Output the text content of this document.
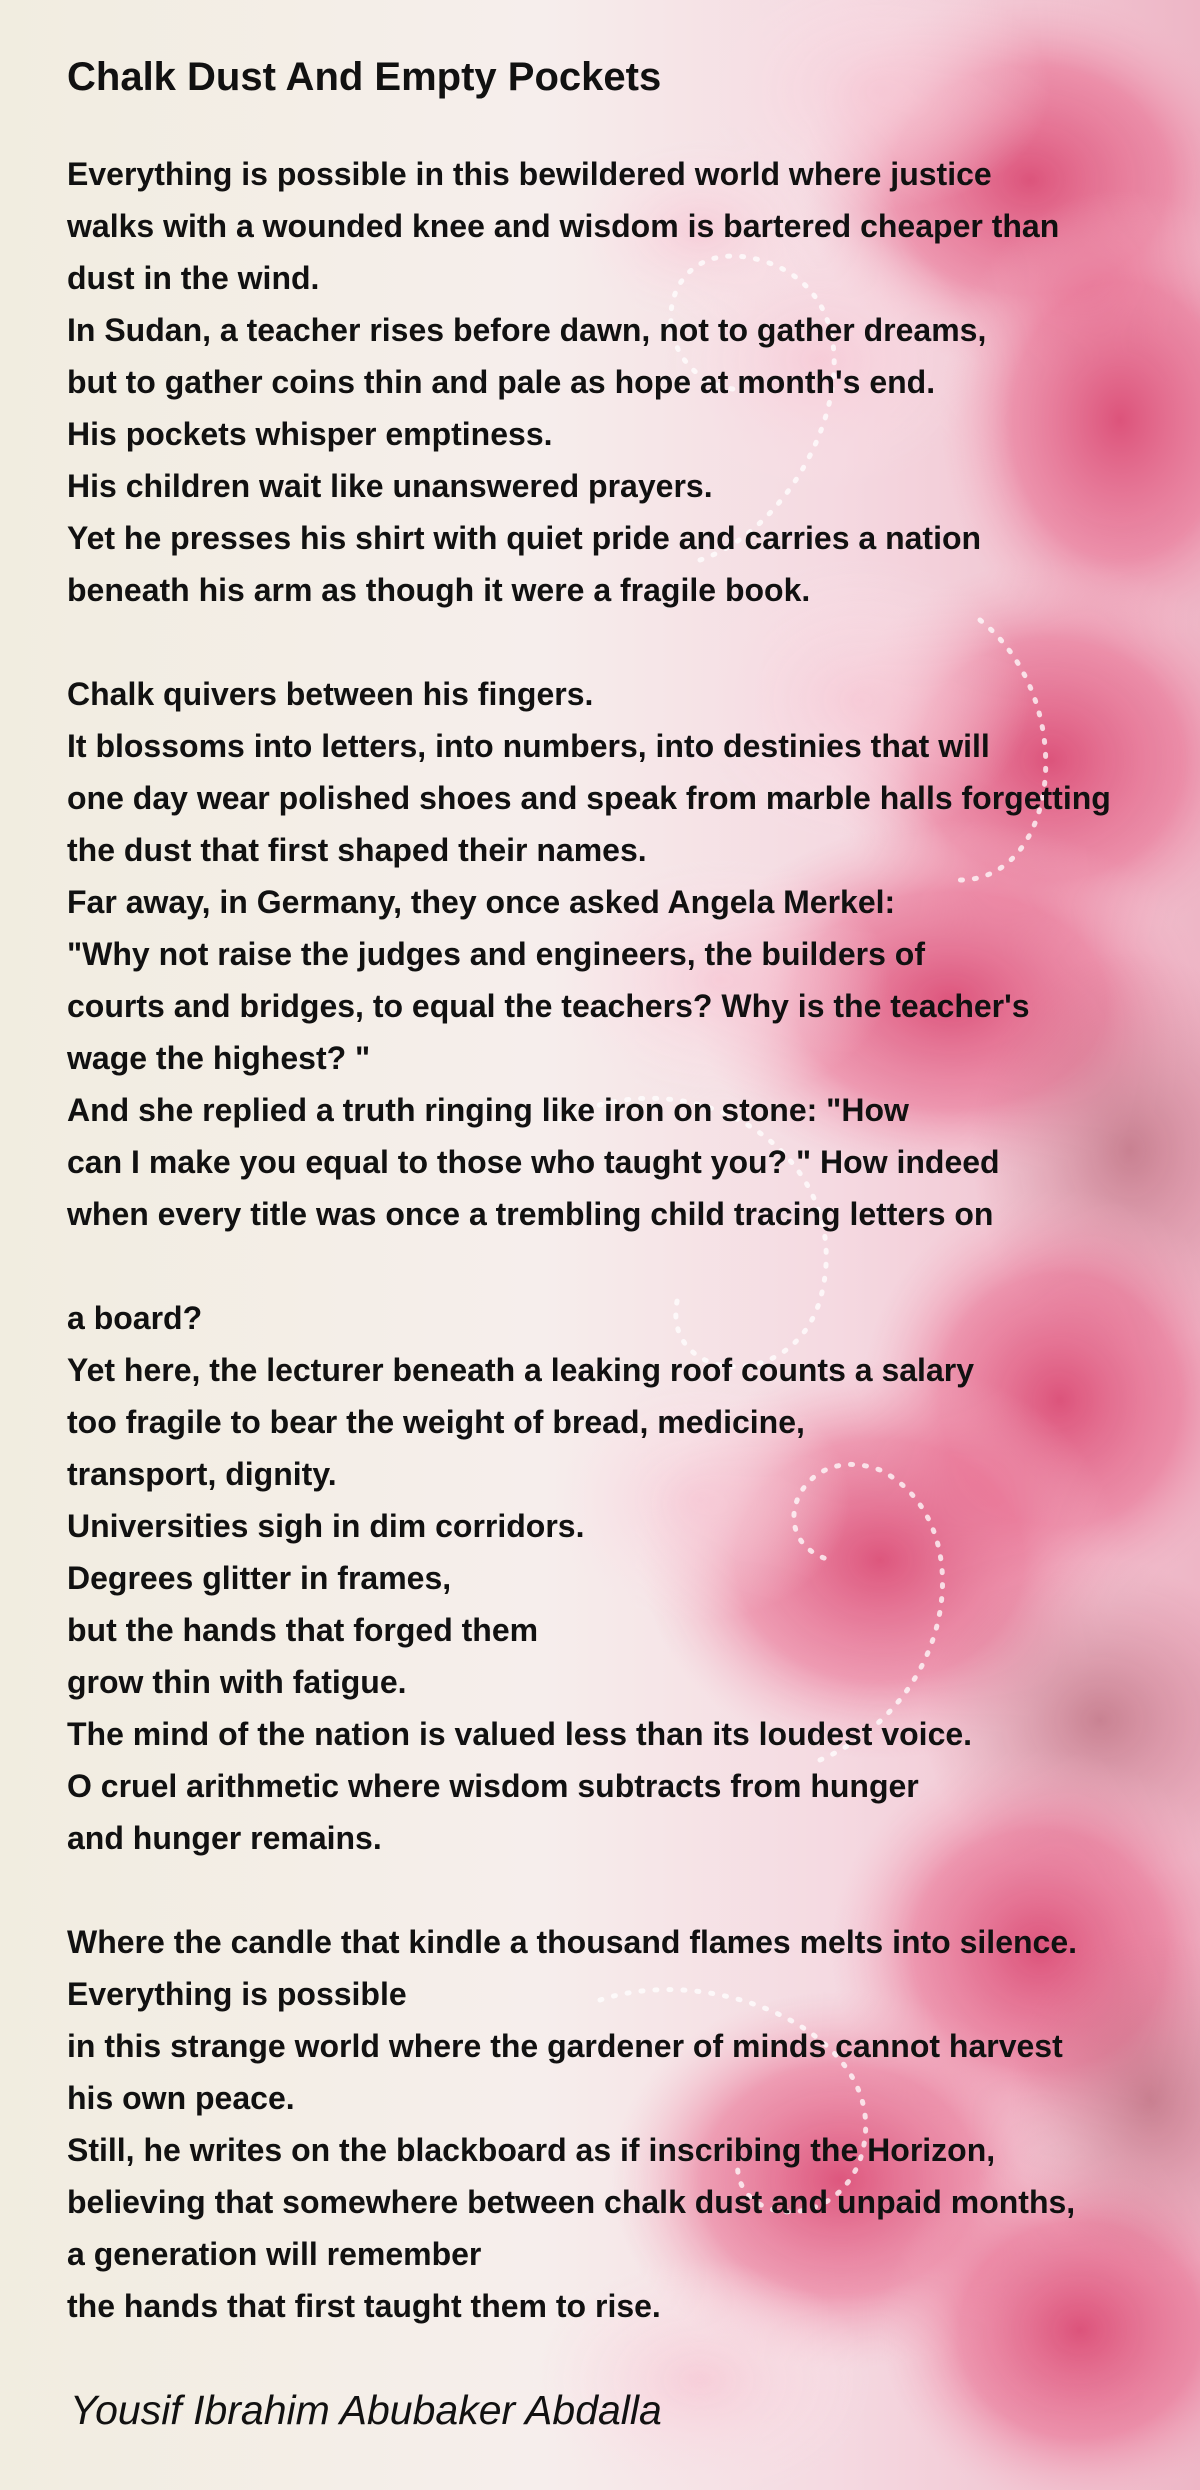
Chalk Dust And Empty Pockets
Everything is possible in this bewildered world where justice
walks with a wounded knee and wisdom is bartered cheaper than
dust in the wind.
In Sudan, a teacher rises before dawn, not to gather dreams,
but to gather coins thin and pale as hope at month's end.
His pockets whisper emptiness.
His children wait like unanswered prayers.
Yet he presses his shirt with quiet pride and carries a nation
beneath his arm as though it were a fragile book.
Chalk quivers between his fingers.
It blossoms into letters, into numbers, into destinies that will
one day wear polished shoes and speak from marble halls forgetting
the dust that first shaped their names.
Far away, in Germany, they once asked Angela Merkel:
"Why not raise the judges and engineers, the builders of
courts and bridges, to equal the teachers? Why is the teacher's
wage the highest? "
And she replied a truth ringing like iron on stone: "How
can I make you equal to those who taught you? " How indeed
when every title was once a trembling child tracing letters on
a board?
Yet here, the lecturer beneath a leaking roof counts a salary
too fragile to bear the weight of bread, medicine,
transport, dignity.
Universities sigh in dim corridors.
Degrees glitter in frames,
but the hands that forged them
grow thin with fatigue.
The mind of the nation is valued less than its loudest voice.
O cruel arithmetic where wisdom subtracts from hunger
and hunger remains.
Where the candle that kindle a thousand flames melts into silence.
Everything is possible
in this strange world where the gardener of minds cannot harvest
his own peace.
Still, he writes on the blackboard as if inscribing the Horizon,
believing that somewhere between chalk dust and unpaid months,
a generation will remember
the hands that first taught them to rise.
Yousif Ibrahim Abubaker Abdalla
